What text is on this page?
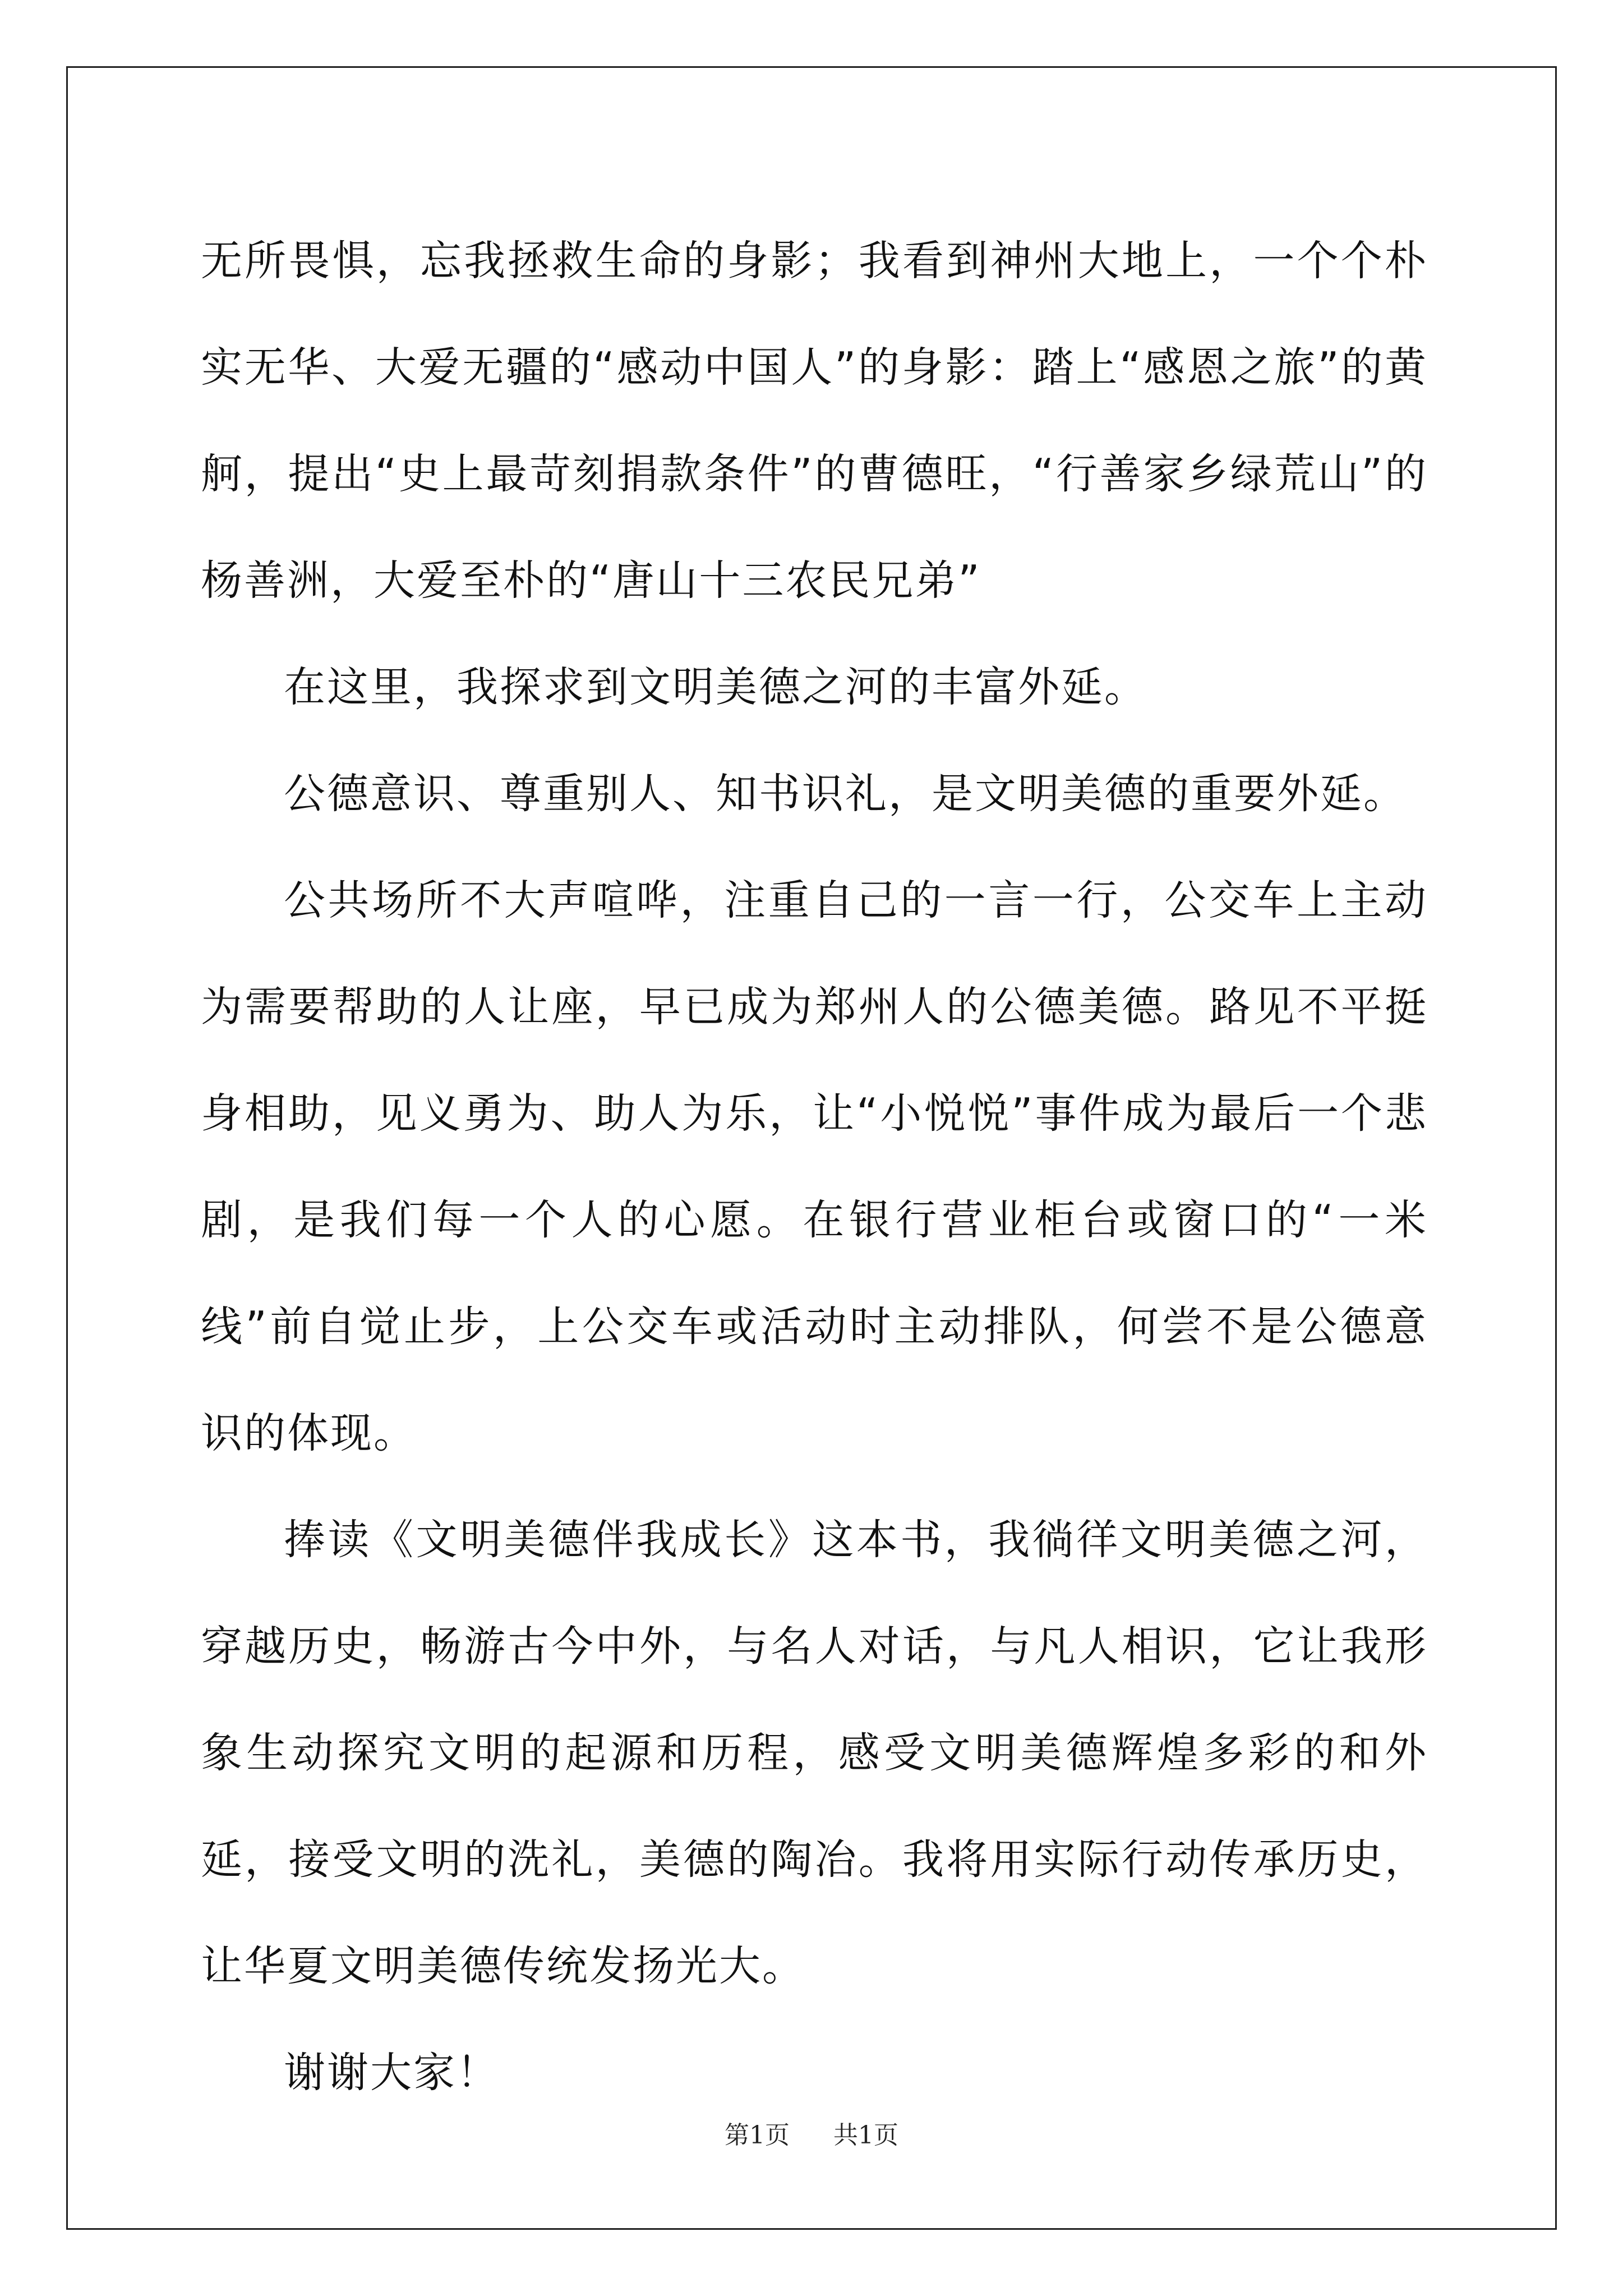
无所畏惧，忘我拯救生命的身影；我看到神州大地上，一个个朴实无华、大爱无疆的“感动中国人”的身影：踏上“感恩之旅”的黄舸，提出“史上最苛刻捐款条件”的曹德旺，“行善家乡绿荒山”的杨善洲，大爱至朴的“唐山十三农民兄弟”

在这里，我探求到文明美德之河的丰富外延。

公德意识、尊重别人、知书识礼，是文明美德的重要外延。

公共场所不大声喧哗，注重自己的一言一行，公交车上主动为需要帮助的人让座，早已成为郑州人的公德美德。路见不平挺身相助，见义勇为、助人为乐，让“小悦悦”事件成为最后一个悲剧，是我们每一个人的心愿。在银行营业柜台或窗口的“一米线”前自觉止步，上公交车或活动时主动排队，何尝不是公德意识的体现。

捧读《文明美德伴我成长》这本书，我徜徉文明美德之河，穿越历史，畅游古今中外，与名人对话，与凡人相识，它让我形象生动探究文明的起源和历程，感受文明美德辉煌多彩的和外延，接受文明的洗礼，美德的陶冶。我将用实际行动传承历史，让华夏文明美德传统发扬光大。

谢谢大家！

第1页 共1页
